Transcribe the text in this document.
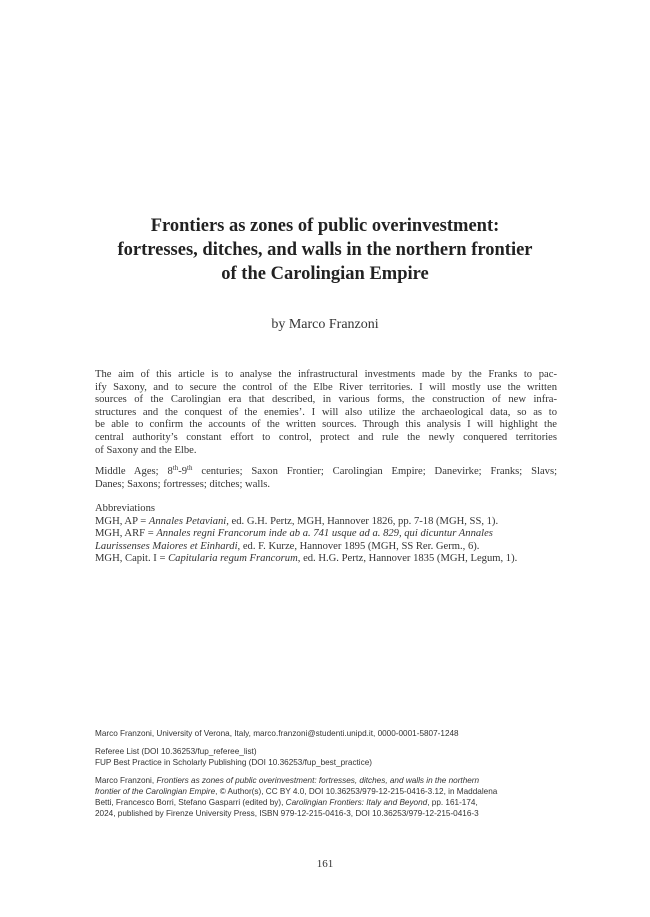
Frontiers as zones of public overinvestment:
fortresses, ditches, and walls in the northern frontier
of the Carolingian Empire
by Marco Franzoni
The aim of this article is to analyse the infrastructural investments made by the Franks to pac-
ify Saxony, and to secure the control of the Elbe River territories. I will mostly use the written
sources of the Carolingian era that described, in various forms, the construction of new infra-
structures and the conquest of the enemies’. I will also utilize the archaeological data, so as to
be able to confirm the accounts of the written sources. Through this analysis I will highlight the
central authority’s constant effort to control, protect and rule the newly conquered territories
of Saxony and the Elbe.
Middle Ages; 8th-9th centuries; Saxon Frontier; Carolingian Empire; Danevirke; Franks; Slavs;
Danes; Saxons; fortresses; ditches; walls.
Abbreviations
MGH, AP = Annales Petaviani, ed. G.H. Pertz, MGH, Hannover 1826, pp. 7-18 (MGH, SS, 1).
MGH, ARF = Annales regni Francorum inde ab a. 741 usque ad a. 829, qui dicuntur Annales
Laurissenses Maiores et Einhardi, ed. F. Kurze, Hannover 1895 (MGH, SS Rer. Germ., 6).
MGH, Capit. I = Capitularia regum Francorum, ed. H.G. Pertz, Hannover 1835 (MGH, Legum, 1).
Marco Franzoni, University of Verona, Italy, marco.franzoni@studenti.unipd.it, 0000-0001-5807-1248
Referee List (DOI 10.36253/fup_referee_list)
FUP Best Practice in Scholarly Publishing (DOI 10.36253/fup_best_practice)
Marco Franzoni, Frontiers as zones of public overinvestment: fortresses, ditches, and walls in the northern
frontier of the Carolingian Empire, © Author(s), CC BY 4.0, DOI 10.36253/979-12-215-0416-3.12, in Maddalena
Betti, Francesco Borri, Stefano Gasparri (edited by), Carolingian Frontiers: Italy and Beyond, pp. 161-174,
2024, published by Firenze University Press, ISBN 979-12-215-0416-3, DOI 10.36253/979-12-215-0416-3
161
